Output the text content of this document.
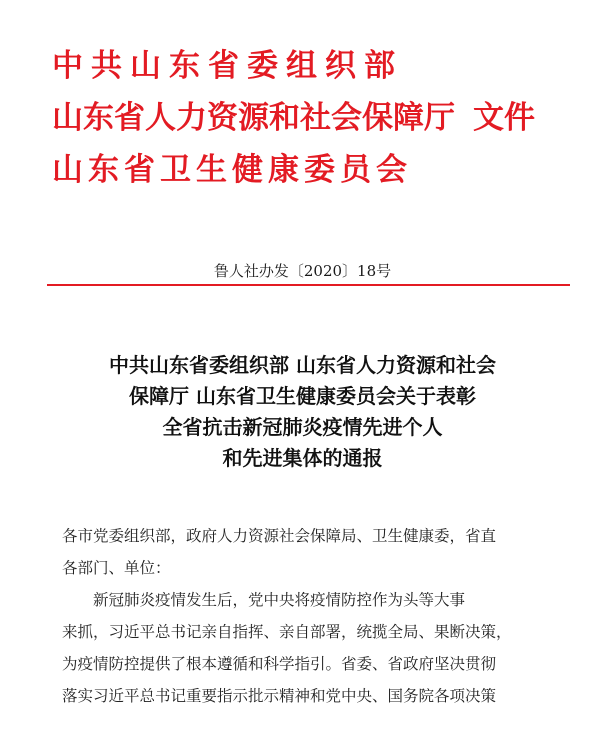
中共山东省委组织部
山东省人力资源和社会保障厅 文件
山东省卫生健康委员会
鲁人社办发〔2020〕18号
中共山东省委组织部 山东省人力资源和社会
保障厅 山东省卫生健康委员会关于表彰
全省抗击新冠肺炎疫情先进个人
和先进集体的通报

各市党委组织部，政府人力资源社会保障局、卫生健康委，省直
各部门、单位：

新冠肺炎疫情发生后，党中央将疫情防控作为头等大事
来抓，习近平总书记亲自指挥、亲自部署，统揽全局、果断决策，
为疫情防控提供了根本遵循和科学指引。省委、省政府坚决贯彻
落实习近平总书记重要指示批示精神和党中央、国务院各项决策
